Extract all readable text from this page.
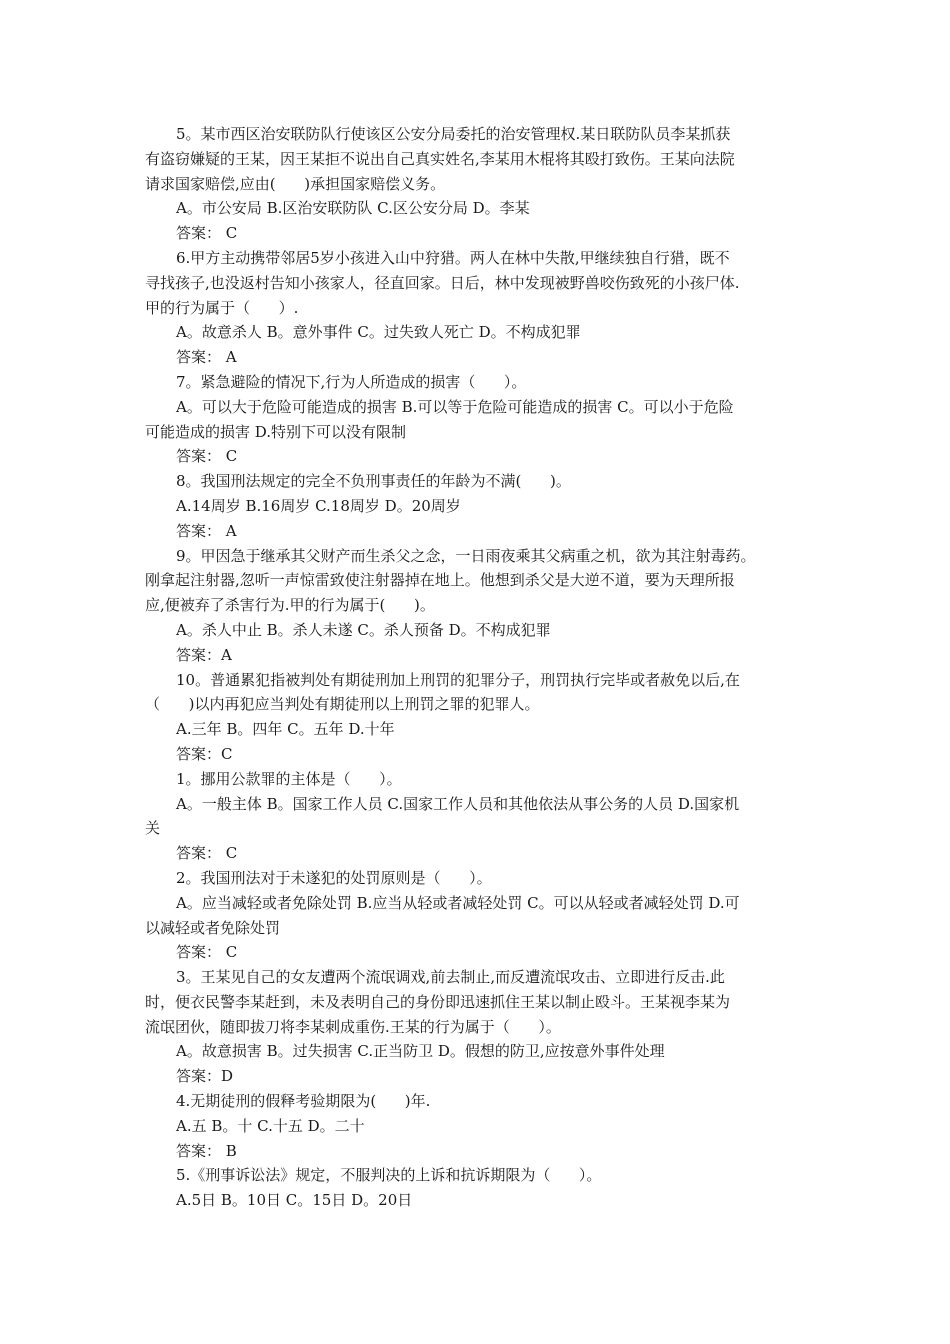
5。某市西区治安联防队行使该区公安分局委托的治安管理权.某日联防队员李某抓获
有盗窃嫌疑的王某，因王某拒不说出自己真实姓名,李某用木棍将其殴打致伤。王某向法院
请求国家赔偿,应由(      )承担国家赔偿义务。
A。市公安局 B.区治安联防队 C.区公安分局 D。李某
答案： C
6.甲方主动携带邻居5岁小孩进入山中狩猎。两人在林中失散,甲继续独自行猎，既不
寻找孩子,也没返村告知小孩家人，径直回家。日后，林中发现被野兽咬伤致死的小孩尸体.
甲的行为属于（      ）.
A。故意杀人 B。意外事件 C。过失致人死亡 D。不构成犯罪
答案： A
7。紧急避险的情况下,行为人所造成的损害（      ）。
A。可以大于危险可能造成的损害 B.可以等于危险可能造成的损害 C。可以小于危险
可能造成的损害 D.特别下可以没有限制
答案： C
8。我国刑法规定的完全不负刑事责任的年龄为不满(      )。
A.14周岁 B.16周岁 C.18周岁 D。20周岁
答案： A
9。甲因急于继承其父财产而生杀父之念，一日雨夜乘其父病重之机，欲为其注射毒药。
刚拿起注射器,忽听一声惊雷致使注射器掉在地上。他想到杀父是大逆不道，要为天理所报
应,便被弃了杀害行为.甲的行为属于(      )。
A。杀人中止 B。杀人未遂 C。杀人预备 D。不构成犯罪
答案：A
10。普通累犯指被判处有期徒刑加上刑罚的犯罪分子，刑罚执行完毕或者赦免以后,在
（      )以内再犯应当判处有期徒刑以上刑罚之罪的犯罪人。
A.三年 B。四年 C。五年 D.十年
答案：C
1。挪用公款罪的主体是（      ）。
A。一般主体 B。国家工作人员 C.国家工作人员和其他依法从事公务的人员 D.国家机
关
答案： C
2。我国刑法对于未遂犯的处罚原则是（      ）。
A。应当减轻或者免除处罚 B.应当从轻或者减轻处罚 C。可以从轻或者减轻处罚 D.可
以减轻或者免除处罚
答案： C
3。王某见自己的女友遭两个流氓调戏,前去制止,而反遭流氓攻击、立即进行反击.此
时，便衣民警李某赶到，未及表明自己的身份即迅速抓住王某以制止殴斗。王某视李某为
流氓团伙，随即拔刀将李某刺成重伤.王某的行为属于（      ）。
A。故意损害 B。过失损害 C.正当防卫 D。假想的防卫,应按意外事件处理
答案：D
4.无期徒刑的假释考验期限为(      )年.
A.五 B。十 C.十五 D。二十
答案： B
5.《刑事诉讼法》规定，不服判决的上诉和抗诉期限为（      ）。
A.5日 B。10日 C。15日 D。20日
